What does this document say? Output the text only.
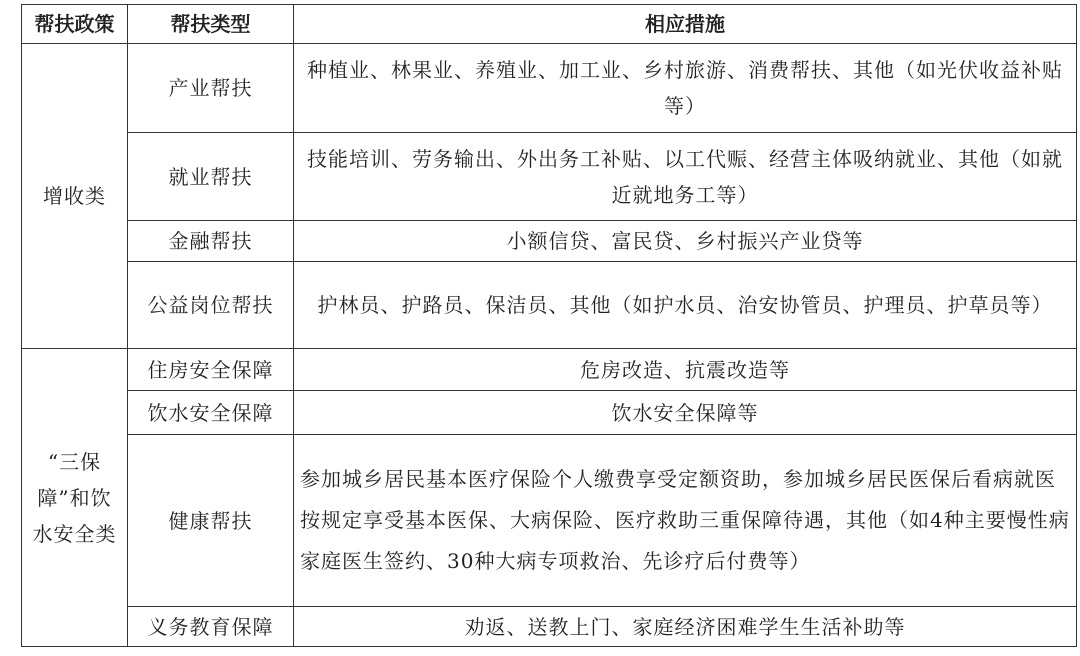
帮扶政策	帮扶类型	相应措施
增收类	产业帮扶	种植业、林果业、养殖业、加工业、乡村旅游、消费帮扶、其他（如光伏收益补贴等）
	就业帮扶	技能培训、劳务输出、外出务工补贴、以工代赈、经营主体吸纳就业、其他（如就近就地务工等）
	金融帮扶	小额信贷、富民贷、乡村振兴产业贷等
	公益岗位帮扶	护林员、护路员、保洁员、其他（如护水员、治安协管员、护理员、护草员等）
“三保障”和饮水安全类	住房安全保障	危房改造、抗震改造等
	饮水安全保障	饮水安全保障等
	健康帮扶	参加城乡居民基本医疗保险个人缴费享受定额资助，参加城乡居民医保后看病就医按规定享受基本医保、大病保险、医疗救助三重保障待遇，其他（如4种主要慢性病家庭医生签约、30种大病专项救治、先诊疗后付费等）
	义务教育保障	劝返、送教上门、家庭经济困难学生生活补助等
